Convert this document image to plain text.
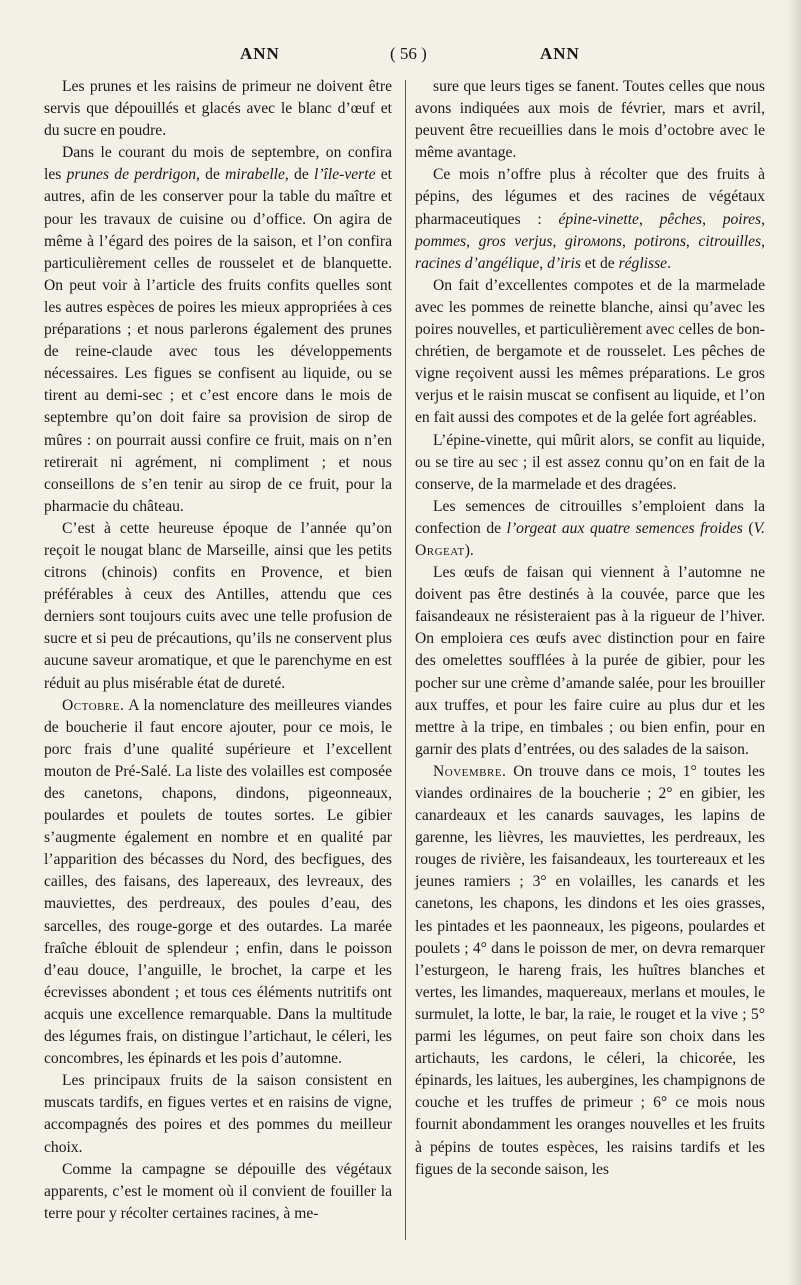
ANN	( 56 )	ANN

Les prunes et les raisins de primeur ne doivent être servis que dépouillés et glacés avec le blanc d’œuf et du sucre en poudre.

Dans le courant du mois de septembre, on confira les prunes de perdrigon, de mirabelle, de l’île-verte et autres, afin de les conserver pour la table du maître et pour les travaux de cuisine ou d’office. On agira de même à l’égard des poires de la saison, et l’on confira particulièrement celles de rousselet et de blanquette. On peut voir à l’article des fruits confits quelles sont les autres espèces de poires les mieux appropriées à ces préparations ; et nous parlerons également des prunes de reine-claude avec tous les développements nécessaires. Les figues se confisent au liquide, ou se tirent au demi-sec ; et c’est encore dans le mois de septembre qu’on doit faire sa provision de sirop de mûres : on pourrait aussi confire ce fruit, mais on n’en retirerait ni agrément, ni compliment ; et nous conseillons de s’en tenir au sirop de ce fruit, pour la pharmacie du château.

C’est à cette heureuse époque de l’année qu’on reçoit le nougat blanc de Marseille, ainsi que les petits citrons (chinois) confits en Provence, et bien préférables à ceux des Antilles, attendu que ces derniers sont toujours cuits avec une telle profusion de sucre et si peu de précautions, qu’ils ne conservent plus aucune saveur aromatique, et que le parenchyme en est réduit au plus misérable état de dureté.

Octobre. A la nomenclature des meilleures viandes de boucherie il faut encore ajouter, pour ce mois, le porc frais d’une qualité supérieure et l’excellent mouton de Pré-Salé. La liste des volailles est composée des canetons, chapons, dindons, pigeonneaux, poulardes et poulets de toutes sortes. Le gibier s’augmente également en nombre et en qualité par l’apparition des bécasses du Nord, des becfigues, des cailles, des faisans, des lapereaux, des levreaux, des mauviettes, des perdreaux, des poules d’eau, des sarcelles, des rouge-gorge et des outardes. La marée fraîche éblouit de splendeur ; enfin, dans le poisson d’eau douce, l’anguille, le brochet, la carpe et les écrevisses abondent ; et tous ces éléments nutritifs ont acquis une excellence remarquable. Dans la multitude des légumes frais, on distingue l’artichaut, le céleri, les concombres, les épinards et les pois d’automne.

Les principaux fruits de la saison consistent en muscats tardifs, en figues vertes et en raisins de vigne, accompagnés des poires et des pommes du meilleur choix.

Comme la campagne se dépouille des végétaux apparents, c’est le moment où il convient de fouiller la terre pour y récolter certaines racines, à me-

sure que leurs tiges se fanent. Toutes celles que nous avons indiquées aux mois de février, mars et avril, peuvent être recueillies dans le mois d’octobre avec le même avantage.

Ce mois n’offre plus à récolter que des fruits à pépins, des légumes et des racines de végétaux pharmaceutiques : épine-vinette, pêches, poires, pommes, gros verjus, girомons, potirons, citrouilles, racines d’angélique, d’iris et de réglisse.

On fait d’excellentes compotes et de la marmelade avec les pommes de reinette blanche, ainsi qu’avec les poires nouvelles, et particulièrement avec celles de bon-chrétien, de bergamote et de rousselet. Les pêches de vigne reçoivent aussi les mêmes préparations. Le gros verjus et le raisin muscat se confisent au liquide, et l’on en fait aussi des compotes et de la gelée fort agréables.

L’épine-vinette, qui mûrit alors, se confit au liquide, ou se tire au sec ; il est assez connu qu’on en fait de la conserve, de la marmelade et des dragées.

Les semences de citrouilles s’emploient dans la confection de l’orgeat aux quatre semences froides (V. Orgeat).

Les œufs de faisan qui viennent à l’automne ne doivent pas être destinés à la couvée, parce que les faisandeaux ne résisteraient pas à la rigueur de l’hiver. On emploiera ces œufs avec distinction pour en faire des omelettes soufflées à la purée de gibier, pour les pocher sur une crème d’amande salée, pour les brouiller aux truffes, et pour les faire cuire au plus dur et les mettre à la tripe, en timbales ; ou bien enfin, pour en garnir des plats d’entrées, ou des salades de la saison.

Novembre. On trouve dans ce mois, 1° toutes les viandes ordinaires de la boucherie ; 2° en gibier, les canardeaux et les canards sauvages, les lapins de garenne, les lièvres, les mauviettes, les perdreaux, les rouges de rivière, les faisandeaux, les tourtereaux et les jeunes ramiers ; 3° en volailles, les canards et les canetons, les chapons, les dindons et les oies grasses, les pintades et les paonneaux, les pigeons, poulardes et poulets ; 4° dans le poisson de mer, on devra remarquer l’esturgeon, le hareng frais, les huîtres blanches et vertes, les limandes, maquereaux, merlans et moules, le surmulet, la lotte, le bar, la raie, le rouget et la vive ; 5° parmi les légumes, on peut faire son choix dans les artichauts, les cardons, le céleri, la chicorée, les épinards, les laitues, les aubergines, les champignons de couche et les truffes de primeur ; 6° ce mois nous fournit abondamment les oranges nouvelles et les fruits à pépins de toutes espèces, les raisins tardifs et les figues de la seconde saison, les
